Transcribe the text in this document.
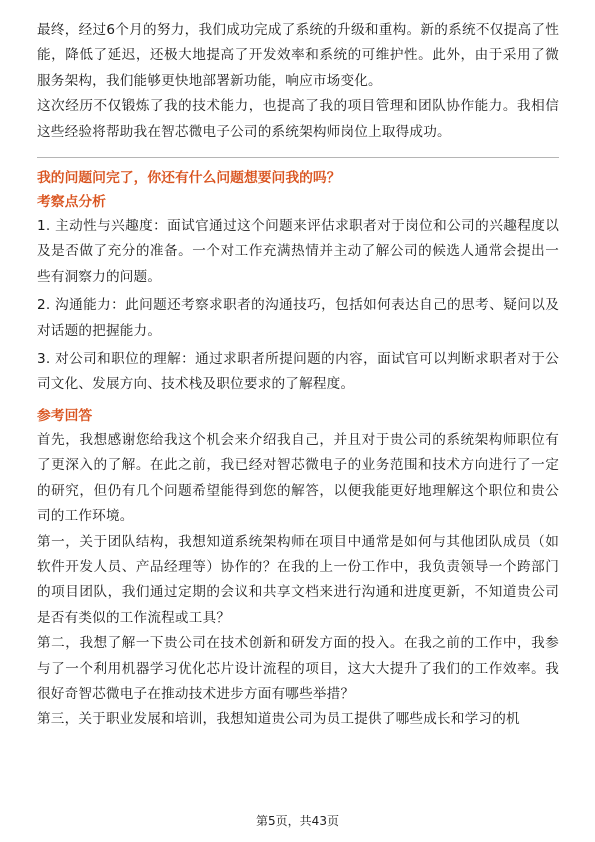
最终，经过6个月的努力，我们成功完成了系统的升级和重构。新的系统不仅提高了性能，降低了延迟，还极大地提高了开发效率和系统的可维护性。此外，由于采用了微服务架构，我们能够更快地部署新功能，响应市场变化。

这次经历不仅锻炼了我的技术能力，也提高了我的项目管理和团队协作能力。我相信这些经验将帮助我在智芯微电子公司的系统架构师岗位上取得成功。

我的问题问完了，你还有什么问题想要问我的吗？

考察点分析

1. 主动性与兴趣度：面试官通过这个问题来评估求职者对于岗位和公司的兴趣程度以及是否做了充分的准备。一个对工作充满热情并主动了解公司的候选人通常会提出一些有洞察力的问题。

2. 沟通能力：此问题还考察求职者的沟通技巧，包括如何表达自己的思考、疑问以及对话题的把握能力。

3. 对公司和职位的理解：通过求职者所提问题的内容，面试官可以判断求职者对于公司文化、发展方向、技术栈及职位要求的了解程度。

参考回答

首先，我想感谢您给我这个机会来介绍我自己，并且对于贵公司的系统架构师职位有了更深入的了解。在此之前，我已经对智芯微电子的业务范围和技术方向进行了一定的研究，但仍有几个问题希望能得到您的解答，以便我能更好地理解这个职位和贵公司的工作环境。

第一，关于团队结构，我想知道系统架构师在项目中通常是如何与其他团队成员（如软件开发人员、产品经理等）协作的？在我的上一份工作中，我负责领导一个跨部门的项目团队，我们通过定期的会议和共享文档来进行沟通和进度更新，不知道贵公司是否有类似的工作流程或工具？

第二，我想了解一下贵公司在技术创新和研发方面的投入。在我之前的工作中，我参与了一个利用机器学习优化芯片设计流程的项目，这大大提升了我们的工作效率。我很好奇智芯微电子在推动技术进步方面有哪些举措？

第三，关于职业发展和培训，我想知道贵公司为员工提供了哪些成长和学习的机

第5页，共43页
